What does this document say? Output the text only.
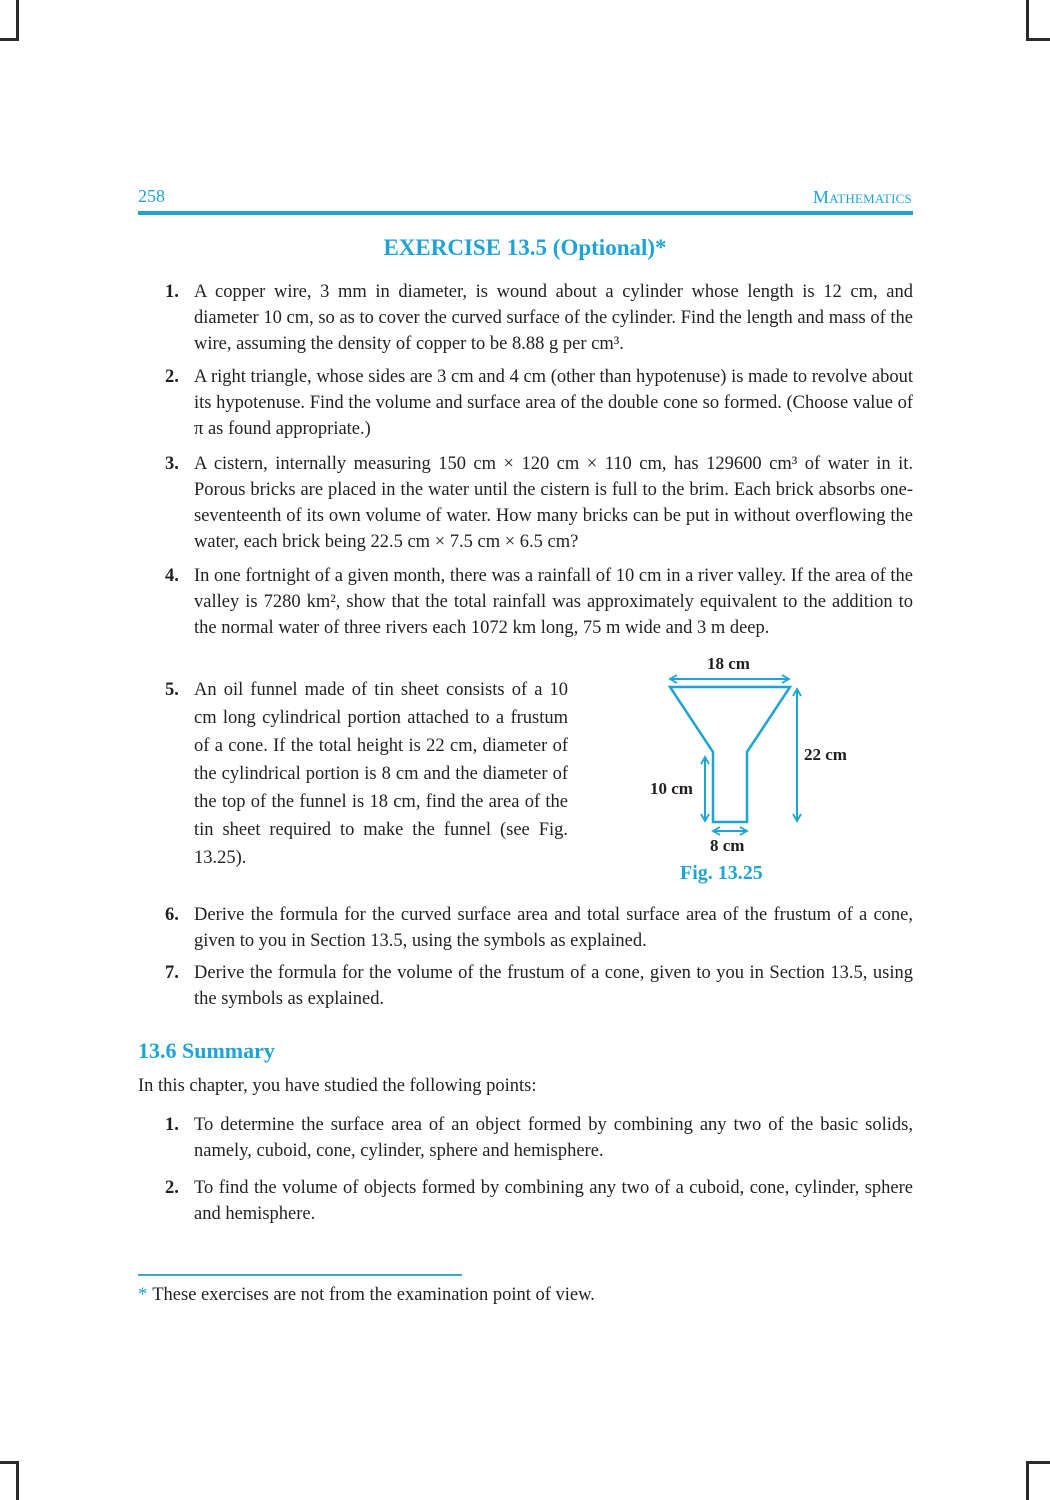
258	MATHEMATICS
EXERCISE 13.5 (Optional)*
1. A copper wire, 3 mm in diameter, is wound about a cylinder whose length is 12 cm, and diameter 10 cm, so as to cover the curved surface of the cylinder. Find the length and mass of the wire, assuming the density of copper to be 8.88 g per cm³.
2. A right triangle, whose sides are 3 cm and 4 cm (other than hypotenuse) is made to revolve about its hypotenuse. Find the volume and surface area of the double cone so formed. (Choose value of π as found appropriate.)
3. A cistern, internally measuring 150 cm × 120 cm × 110 cm, has 129600 cm³ of water in it. Porous bricks are placed in the water until the cistern is full to the brim. Each brick absorbs one-seventeenth of its own volume of water. How many bricks can be put in without overflowing the water, each brick being 22.5 cm × 7.5 cm × 6.5 cm?
4. In one fortnight of a given month, there was a rainfall of 10 cm in a river valley. If the area of the valley is 7280 km², show that the total rainfall was approximately equivalent to the addition to the normal water of three rivers each 1072 km long, 75 m wide and 3 m deep.
5. An oil funnel made of tin sheet consists of a 10 cm long cylindrical portion attached to a frustum of a cone. If the total height is 22 cm, diameter of the cylindrical portion is 8 cm and the diameter of the top of the funnel is 18 cm, find the area of the tin sheet required to make the funnel (see Fig. 13.25).
18 cm
22 cm
10 cm
8 cm
Fig. 13.25
6. Derive the formula for the curved surface area and total surface area of the frustum of a cone, given to you in Section 13.5, using the symbols as explained.
7. Derive the formula for the volume of the frustum of a cone, given to you in Section 13.5, using the symbols as explained.
13.6 Summary
In this chapter, you have studied the following points:
1. To determine the surface area of an object formed by combining any two of the basic solids, namely, cuboid, cone, cylinder, sphere and hemisphere.
2. To find the volume of objects formed by combining any two of a cuboid, cone, cylinder, sphere and hemisphere.
* These exercises are not from the examination point of view.
